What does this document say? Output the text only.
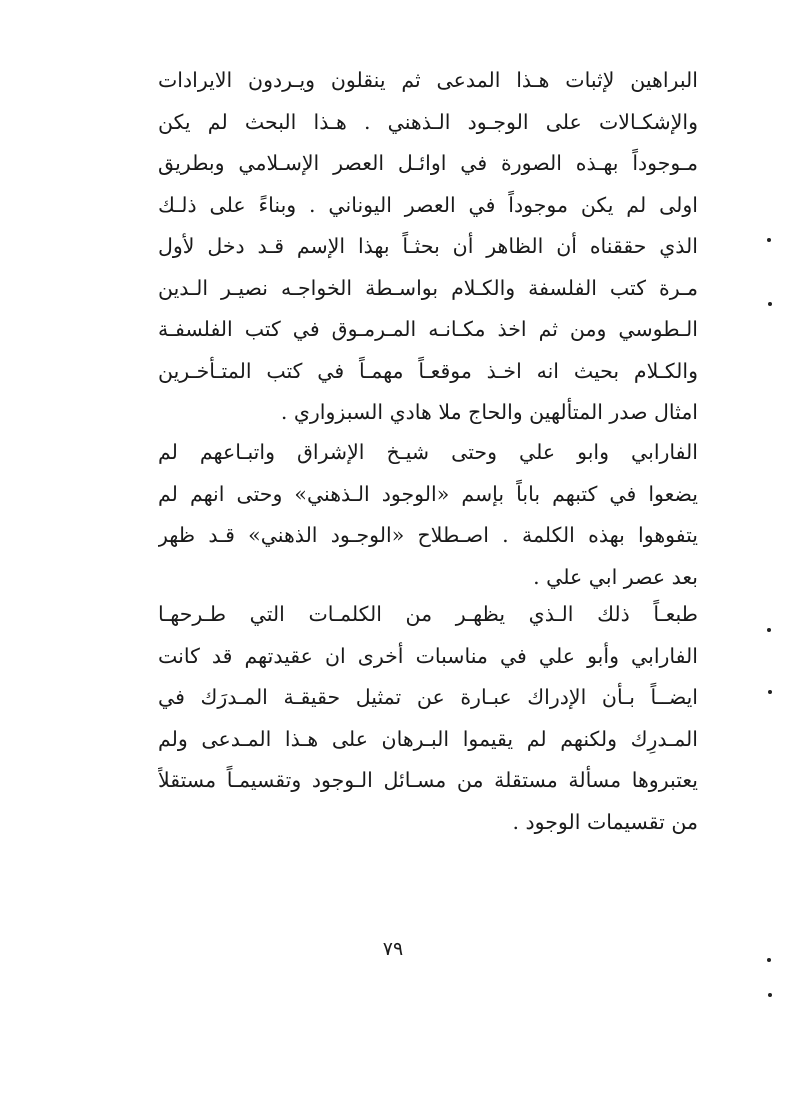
البراهين لإثبات هـذا المدعى ثم ينقلون ويـردون الايرادات
والإشكـالات على الوجـود الـذهني . هـذا البحث لم يكن
مـوجوداً بهـذه الصورة في اوائـل العصر الإسـلامي وبطريق
اولى لم يكن موجوداً في العصر اليوناني . وبناءً على ذلـك
الذي حققناه أن الظاهر أن بحثـاً بهذا الإسم قـد دخل لأول
مـرة كتب الفلسفة والكـلام بواسـطة الخواجـه نصيـر الـدين
الـطوسي ومن ثم اخذ مكـانـه المـرمـوق في كتب الفلسفـة
والكـلام بحيث انه اخـذ موقعـاً مهمـاً في كتب المتـأخـرين
امثال صدر المتألهين والحاج ملا هادي السبزواري .
الفارابي وابو علي وحتى شيـخ الإشراق واتبـاعهم لم
يضعوا في كتبهم باباً بإسم «الوجود الـذهني» وحتى انهم لم
يتفوهوا بهذه الكلمة . اصـطلاح «الوجـود الذهني» قـد ظهر
بعد عصر ابي علي .
طبعـاً ذلك الـذي يظهـر من الكلمـات التي طـرحهـا
الفارابي وأبو علي في مناسبات أخرى ان عقيدتهم قد كانت
ايضــاً بـأن الإدراك عبـارة عن تمثيل حقيقـة المـدرَك في
المـدرِك ولكنهم لم يقيموا البـرهان على هـذا المـدعى ولم
يعتبروها مسألة مستقلة من مسـائل الـوجود وتقسيمـاً مستقلاً
من تقسيمات الوجود .
٧٩
